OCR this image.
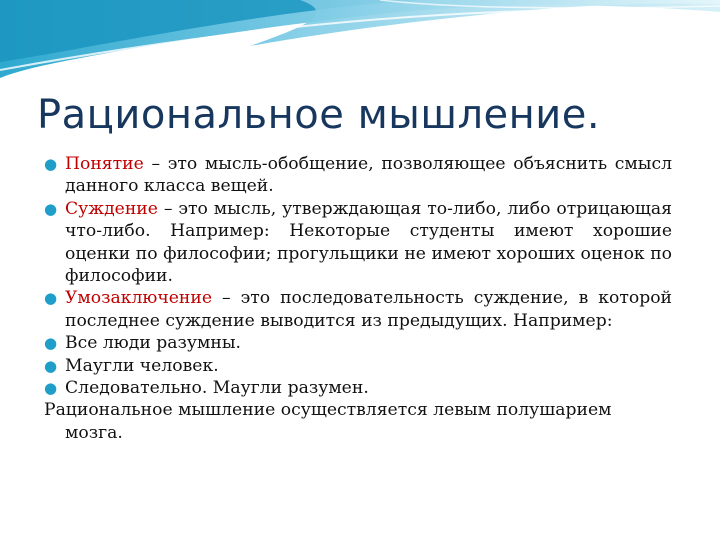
Рациональное мышление.
● Понятие – это мысль-обобщение, позволяющее объяснить смысл данного класса вещей.
● Суждение – это мысль, утверждающая то-либо, либо отрицающая что-либо. Например: Некоторые студенты имеют хорошие оценки по философии; прогульщики не имеют хороших оценок по философии.
● Умозаключение – это последовательность суждение, в которой последнее суждение выводится из предыдущих. Например:
● Все люди разумны.
● Маугли человек.
● Следовательно. Маугли разумен.
Рациональное мышление осуществляется левым полушарием
мозга.
